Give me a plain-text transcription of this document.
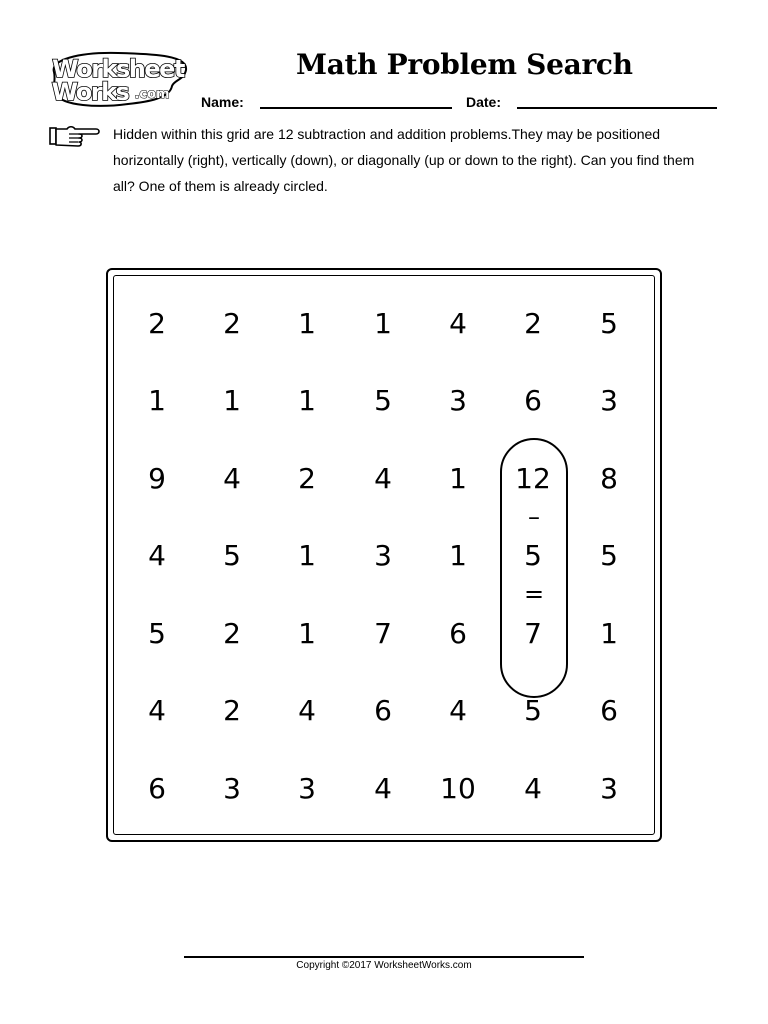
Worksheet
Works .com
Math Problem Search
Name:	Date:
Hidden within this grid are 12 subtraction and addition problems.They may be positioned horizontally (right), vertically (down), or diagonally (up or down to the right). Can you find them all? One of them is already circled.
2	2	1	1	4	2	5
1	1	1	5	3	6	3
9	4	2	4	1	12	8
4	5	1	3	1	5	5
5	2	1	7	6	7	1
4	2	4	6	4	5	6
6	3	3	4	10	4	3
–
=
Copyright ©2017 WorksheetWorks.com
